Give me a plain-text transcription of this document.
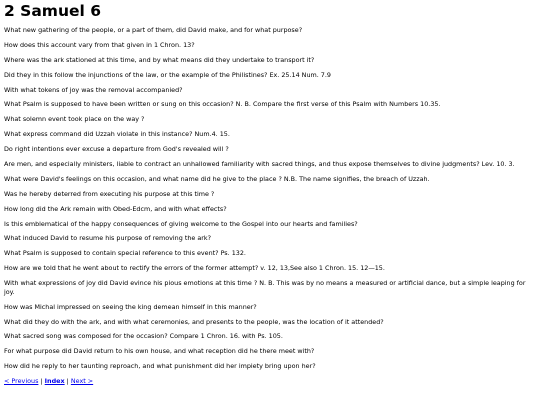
2 Samuel 6

What new gathering of the people, or a part of them, did David make, and for what purpose?

How does this account vary from that given in 1 Chron. 13?

Where was the ark stationed at this time, and by what means did they undertake to transport it?

Did they in this follow the injunctions of the law, or the example of the Philistines? Ex. 25.14 Num. 7.9

With what tokens of joy was the removal accompanied?

What Psalm is supposed to have been written or sung on this occasion? N. B. Compare the first verse of this Psalm with Numbers 10.35.

What solemn event took place on the way ?

What express command did Uzzah violate in this instance? Num.4. 15.

Do right intentions ever excuse a departure from God's revealed will ?

Are men, and especially ministers, liable to contract an unhallowed familiarity with sacred things, and thus expose themselves to divine judgments? Lev. 10. 3.

What were David's feelings on this occasion, and what name did he give to the place ? N.B. The name signifies, the breach of Uzzah.

Was he hereby deterred from executing his purpose at this time ?

How long did the Ark remain with Obed-Edcm, and with what effects?

Is this emblematical of the happy consequences of giving welcome to the Gospel into our hearts and families?

What induced David to resume his purpose of removing the ark?

What Psalm is supposed to contain special reference to this event? Ps. 132.

How are we told that he went about to rectify the errors of the former attempt? v. 12, 13,See also 1 Chron. 15. 12—15.

With what expressions of joy did David evince his pious emotions at this time ? N. B. This was by no means a measured or artificial dance, but a simple leaping for joy.

How was Michal impressed on seeing the king demean himself in this manner?

What did they do with the ark, and with what ceremonies, and presents to the people, was the location of it attended?

What sacred song was composed for the occasion? Compare 1 Chron. 16. with Ps. 105.

For what purpose did David return to his own house, and what reception did he there meet with?

How did he reply to her taunting reproach, and what punishment did her impiety bring upon her?

< Previous | Index | Next >
